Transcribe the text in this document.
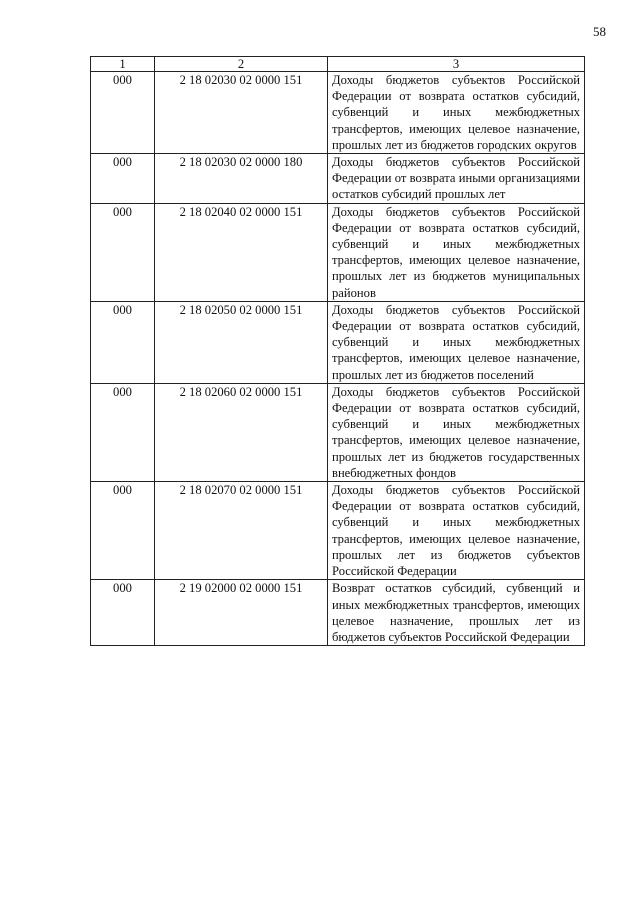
58
1	2	3
000	2 18 02030 02 0000 151	Доходы бюджетов субъектов Российской Федерации от возврата остатков субсидий, субвенций и иных межбюджетных трансфертов, имеющих целевое назначение, прошлых лет из бюджетов городских округов
000	2 18 02030 02 0000 180	Доходы бюджетов субъектов Российской Федерации от возврата иными организациями остатков субсидий прошлых лет
000	2 18 02040 02 0000 151	Доходы бюджетов субъектов Российской Федерации от возврата остатков субсидий, субвенций и иных межбюджетных трансфертов, имеющих целевое назначение, прошлых лет из бюджетов муниципальных районов
000	2 18 02050 02 0000 151	Доходы бюджетов субъектов Российской Федерации от возврата остатков субсидий, субвенций и иных межбюджетных трансфертов, имеющих целевое назначение, прошлых лет из бюджетов поселений
000	2 18 02060 02 0000 151	Доходы бюджетов субъектов Российской Федерации от возврата остатков субсидий, субвенций и иных межбюджетных трансфертов, имеющих целевое назначение, прошлых лет из бюджетов государственных внебюджетных фондов
000	2 18 02070 02 0000 151	Доходы бюджетов субъектов Российской Федерации от возврата остатков субсидий, субвенций и иных межбюджетных трансфертов, имеющих целевое назначение, прошлых лет из бюджетов субъектов Российской Федерации
000	2 19 02000 02 0000 151	Возврат остатков субсидий, субвенций и иных межбюджетных трансфертов, имеющих целевое назначение, прошлых лет из бюджетов субъектов Российской Федерации
